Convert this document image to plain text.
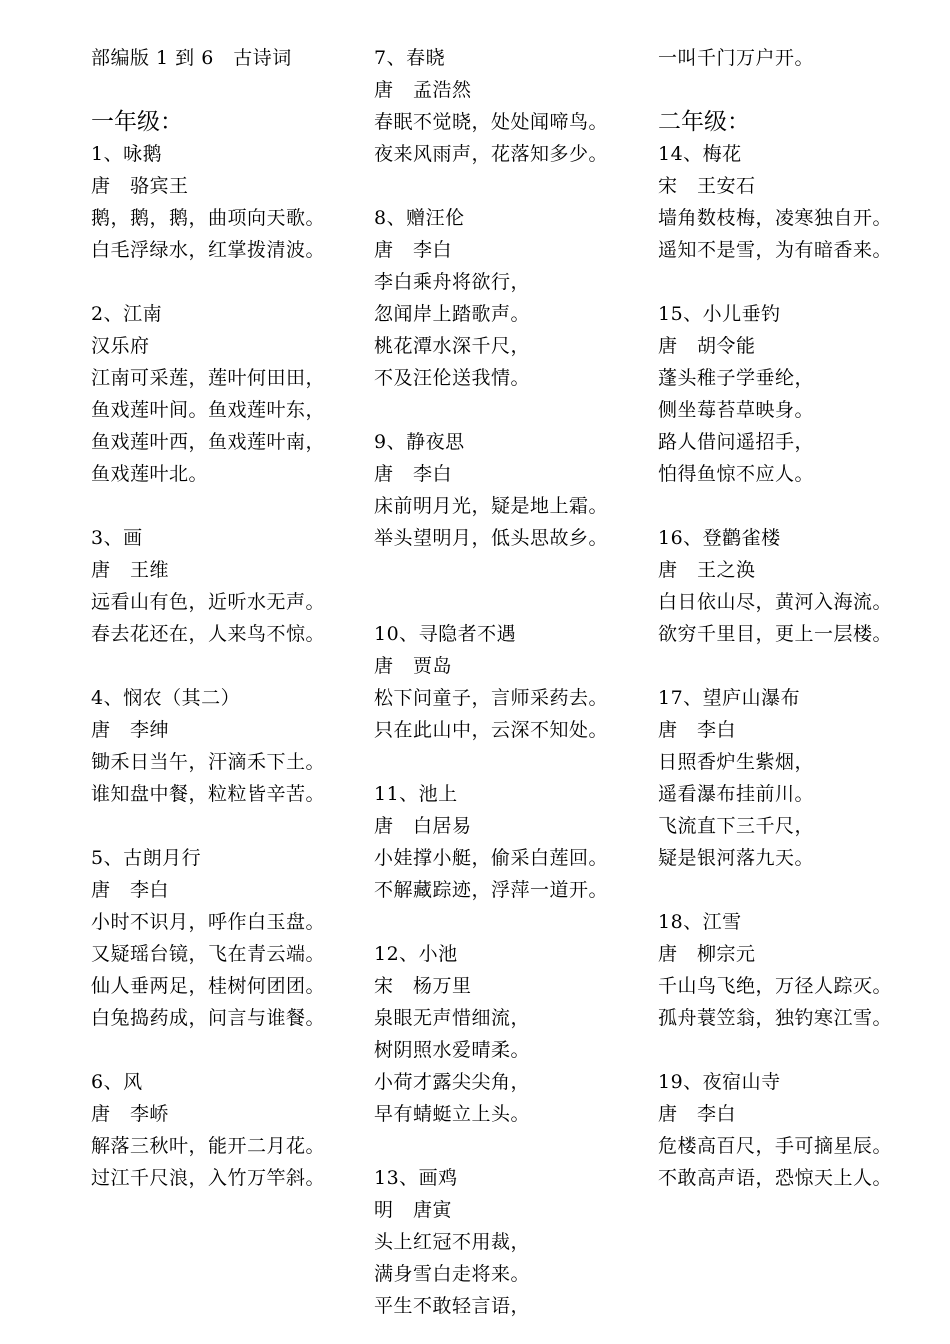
部编版 1 到 6　古诗词
一年级：
1、咏鹅
唐　骆宾王
鹅，鹅，鹅，曲项向天歌。
白毛浮绿水，红掌拨清波。
2、江南
汉乐府
江南可采莲，莲叶何田田，
鱼戏莲叶间。鱼戏莲叶东，
鱼戏莲叶西，鱼戏莲叶南，
鱼戏莲叶北。
3、画
唐　王维
远看山有色，近听水无声。
春去花还在，人来鸟不惊。
4、悯农（其二）
唐　李绅
锄禾日当午，汗滴禾下土。
谁知盘中餐，粒粒皆辛苦。
5、古朗月行
唐　李白
小时不识月，呼作白玉盘。
又疑瑶台镜，飞在青云端。
仙人垂两足，桂树何团团。
白兔捣药成，问言与谁餐。
6、风
唐　李峤
解落三秋叶，能开二月花。
过江千尺浪，入竹万竿斜。
7、春晓
唐　孟浩然
春眠不觉晓，处处闻啼鸟。
夜来风雨声，花落知多少。
8、赠汪伦
唐　李白
李白乘舟将欲行，
忽闻岸上踏歌声。
桃花潭水深千尺，
不及汪伦送我情。
9、静夜思
唐　李白
床前明月光，疑是地上霜。
举头望明月，低头思故乡。
10、寻隐者不遇
唐　贾岛
松下问童子，言师采药去。
只在此山中，云深不知处。
11、池上
唐　白居易
小娃撑小艇，偷采白莲回。
不解藏踪迹，浮萍一道开。
12、小池
宋　杨万里
泉眼无声惜细流，
树阴照水爱晴柔。
小荷才露尖尖角，
早有蜻蜓立上头。
13、画鸡
明　唐寅
头上红冠不用裁，
满身雪白走将来。
平生不敢轻言语，
一叫千门万户开。
二年级：
14、梅花
宋　王安石
墙角数枝梅，凌寒独自开。
遥知不是雪，为有暗香来。
15、小儿垂钓
唐　胡令能
蓬头稚子学垂纶，
侧坐莓苔草映身。
路人借问遥招手，
怕得鱼惊不应人。
16、登鹳雀楼
唐　王之涣
白日依山尽，黄河入海流。
欲穷千里目，更上一层楼。
17、望庐山瀑布
唐　李白
日照香炉生紫烟，
遥看瀑布挂前川。
飞流直下三千尺，
疑是银河落九天。
18、江雪
唐　柳宗元
千山鸟飞绝，万径人踪灭。
孤舟蓑笠翁，独钓寒江雪。
19、夜宿山寺
唐　李白
危楼高百尺，手可摘星辰。
不敢高声语，恐惊天上人。
